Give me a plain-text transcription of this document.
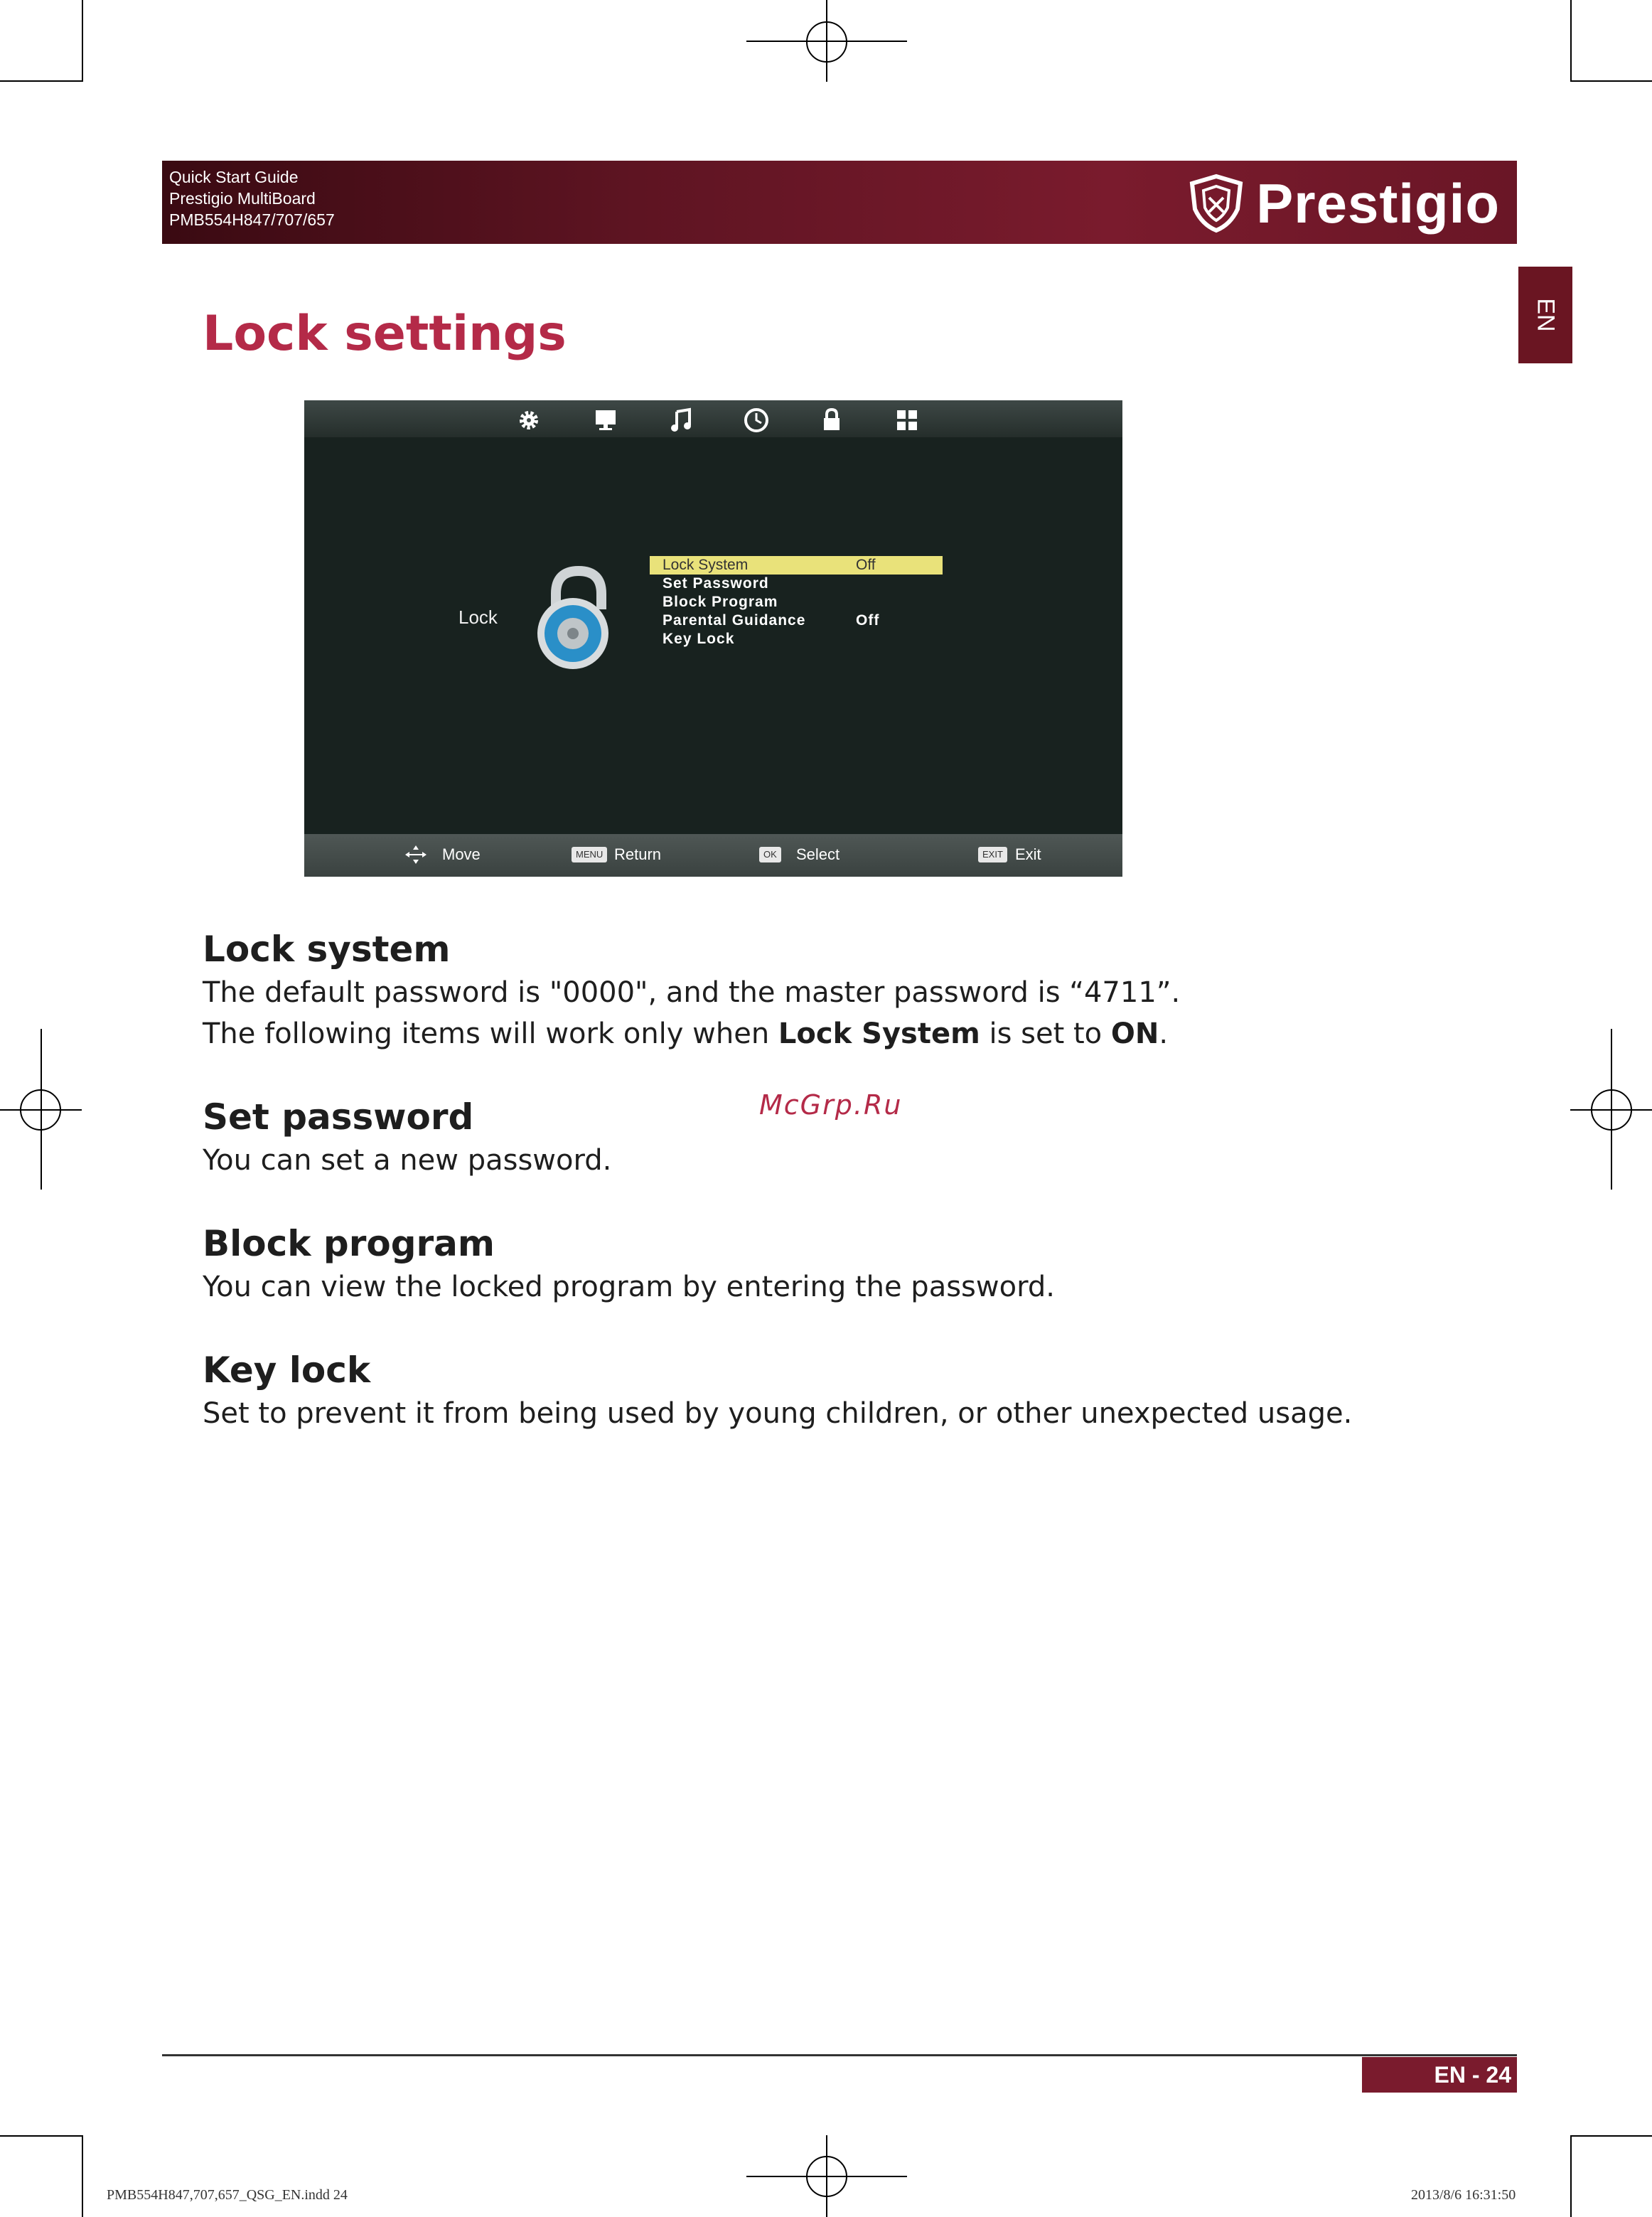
Quick Start Guide
Prestigio MultiBoard
PMB554H847/707/657	Prestigio
EN
Lock settings
Lock
Lock System	Off
Set Password
Block Program
Parental Guidance	Off
Key Lock
Move	MENU Return	OK Select	EXIT Exit
Lock system
The default password is "0000", and the master password is “4711”.
The following items will work only when Lock System is set to ON.
McGrp.Ru
Set password
You can set a new password.
Block program
You can view the locked program by entering the password.
Key lock
Set to prevent it from being used by young children, or other unexpected usage.
EN - 24
PMB554H847,707,657_QSG_EN.indd 24	2013/8/6 16:31:50
